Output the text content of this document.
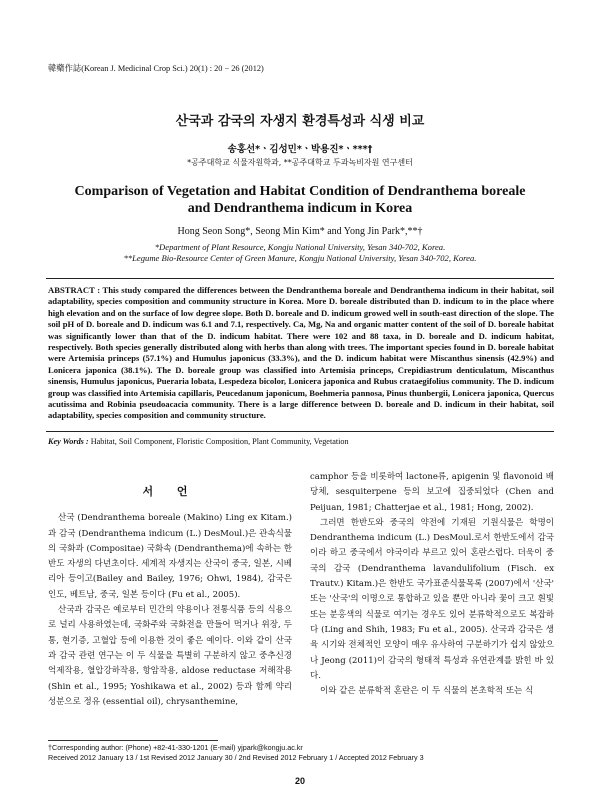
韓藥作誌(Korean J. Medicinal Crop Sci.) 20(1) : 20 − 26 (2012)
산국과 감국의 자생지 환경특성과 식생 비교
송홍선*ㆍ김성민*ㆍ박용진*ㆍ***†
*공주대학교 식물자원학과, **공주대학교 두과녹비자원 연구센터
Comparison of Vegetation and Habitat Condition of Dendranthema boreale
and Dendranthema indicum in Korea
Hong Seon Song*, Seong Min Kim* and Yong Jin Park*,**†
*Department of Plant Resource, Kongju National University, Yesan 340-702, Korea.
**Legume Bio-Resource Center of Green Manure, Kongju National University, Yesan 340-702, Korea.
ABSTRACT : This study compared the differences between the Dendranthema boreale and Dendranthema indicum in their habitat, soil adaptability, species composition and community structure in Korea. More D. boreale distributed than D. indicum to in the place where high elevation and on the surface of low degree slope. Both D. boreale and D. indicum growed well in south-east direction of the slope. The soil pH of D. boreale and D. indicum was 6.1 and 7.1, respectively. Ca, Mg, Na and organic matter content of the soil of D. boreale habitat was significantly lower than that of the D. indicum habitat. There were 102 and 88 taxa, in D. boreale and D. indicum habitat, respectively. Both species generally distributed along with herbs than along with trees. The important species found in D. boreale habitat were Artemisia princeps (57.1%) and Humulus japonicus (33.3%), and the D. indicum habitat were Miscanthus sinensis (42.9%) and Lonicera japonica (38.1%). The D. boreale group was classified into Artemisia princeps, Crepidiastrum denticulatum, Miscanthus sinensis, Humulus japonicus, Pueraria lobata, Lespedeza bicolor, Lonicera japonica and Rubus crataegifolius community. The D. indicum group was classified into Artemisia capillaris, Peucedanum japonicum, Boehmeria pannosa, Pinus thunbergii, Lonicera japonica, Quercus acutissima and Robinia pseudoacacia community. There is a large difference between D. boreale and D. indicum in their habitat, soil adaptability, species composition and community structure.
Key Words : Habitat, Soil Component, Floristic Composition, Plant Community, Vegetation
서 언

산국 (Dendranthema boreale (Makino) Ling ex Kitam.)과 감국 (Dendranthema indicum (L.) DesMoul.)은 관속식물의 국화과 (Compositae) 국화속 (Dendranthema)에 속하는 한반도 자생의 다년초이다. 세계적 자생지는 산국이 중국, 일본, 시베리아 등이고(Bailey and Bailey, 1976; Ohwi, 1984), 감국은 인도, 베트남, 중국, 일본 등이다 (Fu et al., 2005).

산국과 감국은 예로부터 민간의 약용이나 전통식품 등의 식용으로 널리 사용하였는데, 국화주와 국화전을 만들어 먹거나 위장, 두통, 현기증, 고혈압 등에 이용한 것이 좋은 예이다. 이와 같이 산국과 감국 관련 연구는 이 두 식물을 특별히 구분하지 않고 중추신경억제작용, 혈압강하작용, 항암작용, aldose reductase 저해작용 (Shin et al., 1995; Yoshikawa et al., 2002) 등과 함께 약리성분으로 정유 (essential oil), chrysanthemine,

camphor 등을 비롯하여 lactone류, apigenin 및 flavonoid 배당체, sesquiterpene 등의 보고에 집중되었다 (Chen and Peijuan, 1981; Chatterjae et al., 1981; Hong, 2002).

그러면 한반도와 중국의 약전에 기재된 기원식물은 학명이 Dendranthema indicum (L.) DesMoul.로서 한반도에서 감국이라 하고 중국에서 야국이라 부르고 있어 혼란스럽다. 더욱이 중국의 감국 (Dendranthema lavandulifolium (Fisch. ex Trautv.) Kitam.)은 한반도 국가표준식물목록 (2007)에서 '산국' 또는 '산국'의 이명으로 통합하고 있을 뿐만 아니라 꽃이 크고 흰빛 또는 분홍색의 식물로 여기는 경우도 있어 분류학적으로도 복잡하다 (Ling and Shih, 1983; Fu et al., 2005). 산국과 감국은 생육 시기와 전체적인 모양이 매우 유사하여 구분하기가 쉽지 않았으나 Jeong (2011)이 감국의 형태적 특성과 유연관계를 밝힌 바 있다.

이와 같은 분류학적 혼란은 이 두 식물의 본초학적 또는 식

†Corresponding author: (Phone) +82-41-330-1201 (E-mail) yjpark@kongju.ac.kr
Received 2012 January 13 / 1st Revised 2012 January 30 / 2nd Revised 2012 February 1 / Accepted 2012 February 3
20
